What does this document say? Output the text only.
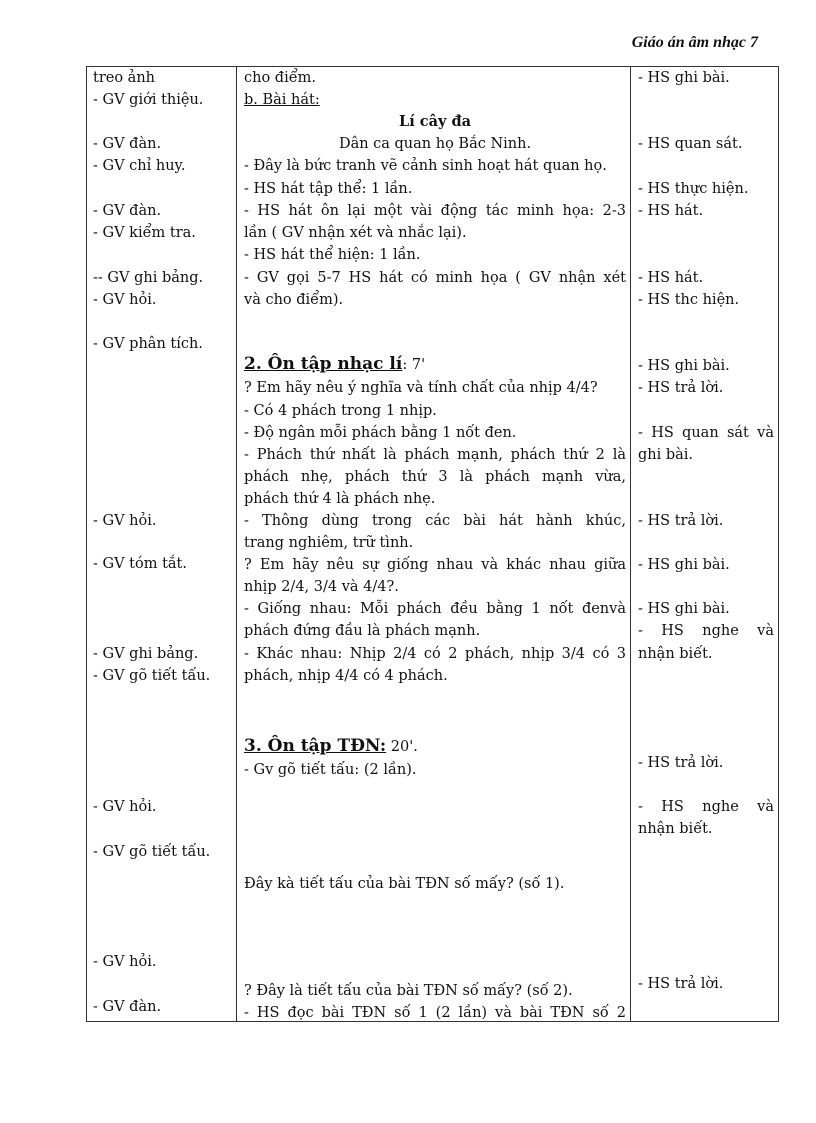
Giáo án âm nhạc 7
treo ảnh
- GV giới thiệu.
- GV đàn.
- GV chỉ huy.
- GV đàn.
- GV kiểm tra.
-- GV ghi bảng.
- GV hỏi.
- GV phân tích.
- GV hỏi.
- GV tóm tắt.
- GV ghi bảng.
- GV gõ tiết tấu.
- GV hỏi.
- GV gõ tiết tấu.
- GV hỏi.
- GV đàn.
cho điểm.
b. Bài hát:
Lí cây đa
Dân ca quan họ Bắc Ninh.
- Đây là bức tranh vẽ cảnh sinh hoạt hát quan họ.
- HS hát tập thể: 1 lần.
- HS hát ôn lại một vài động tác minh họa: 2-3
lần ( GV nhận xét và nhắc lại).
- HS hát thể hiện: 1 lần.
- GV gọi 5-7 HS hát có minh họa ( GV nhận xét
và cho điểm).
2. Ôn tập nhạc lí: 7'
? Em hãy nêu ý nghĩa và tính chất của nhịp 4/4?
- Có 4 phách trong 1 nhịp.
- Độ ngân mỗi phách bằng 1 nốt đen.
- Phách thứ nhất là phách mạnh, phách thứ 2 là
phách nhẹ, phách thứ 3 là phách mạnh vừa,
phách thứ 4 là phách nhẹ.
- Thông dùng trong các bài hát hành khúc,
trang nghiêm, trữ tình.
? Em hãy nêu sự giống nhau và khác nhau giữa
nhịp 2/4, 3/4 và 4/4?.
- Giống nhau: Mỗi phách đều bằng 1 nốt đenvà
phách đứng đầu là phách mạnh.
- Khác nhau: Nhịp 2/4 có 2 phách, nhịp 3/4 có 3
phách, nhịp 4/4 có 4 phách.
3. Ôn tập TĐN: 20'.
- Gv gõ tiết tấu: (2 lần).
Đây kà tiết tấu của bài TĐN số mấy? (số 1).
? Đây là tiết tấu của bài TĐN số mấy? (số 2).
- HS đọc bài TĐN số 1 (2 lần) và bài TĐN số 2
- HS ghi bài.
- HS quan sát.
- HS thực hiện.
- HS hát.
- HS hát.
- HS thc hiện.
- HS ghi bài.
- HS trả lời.
- HS quan sát và
ghi bài.
- HS trả lời.
- HS ghi bài.
- HS ghi bài.
- HS nghe và
nhận biết.
- HS trả lời.
- HS nghe và
nhận biết.
- HS trả lời.
